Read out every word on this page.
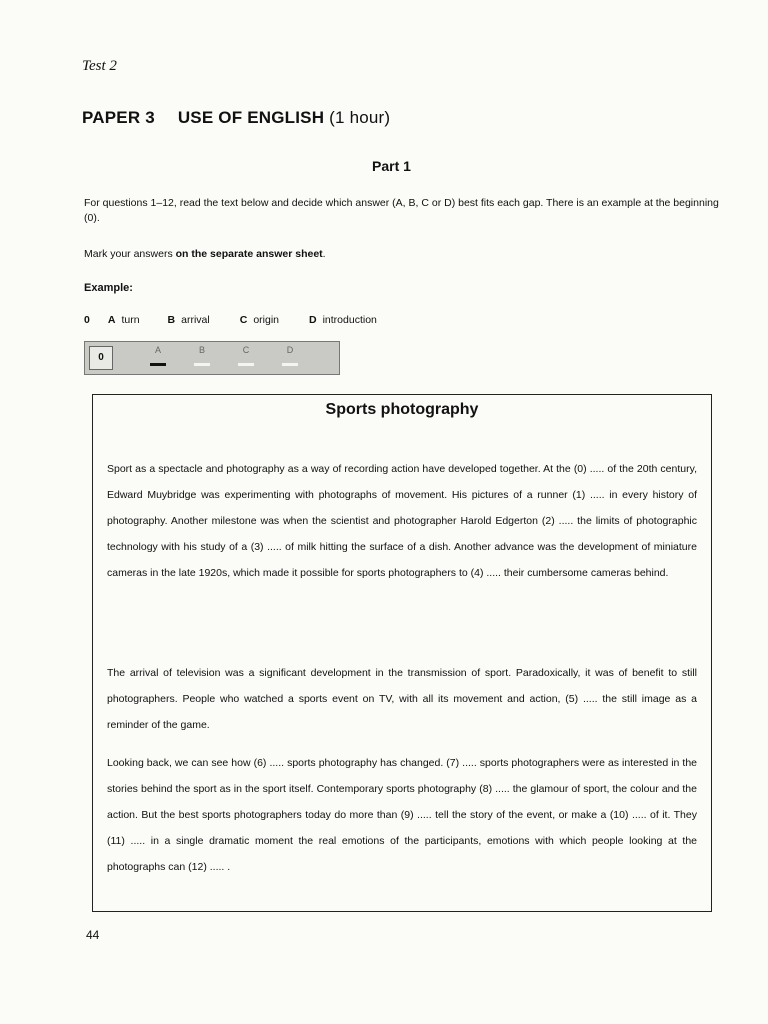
Test 2
PAPER 3 USE OF ENGLISH (1 hour)
Part 1
For questions 1–12, read the text below and decide which answer (A, B, C or D) best fits each gap. There is an example at the beginning (0).
Mark your answers on the separate answer sheet.
Example:
0	A turn	B arrival	C origin	D introduction
0
A	B	C	D
Sports photography

Sport as a spectacle and photography as a way of recording action have developed together. At the (0) ..... of the 20th century, Edward Muybridge was experimenting with photographs of movement. His pictures of a runner (1) ..... in every history of photography. Another milestone was when the scientist and photographer Harold Edgerton (2) ..... the limits of photographic technology with his study of a (3) ..... of milk hitting the surface of a dish. Another advance was the development of miniature cameras in the late 1920s, which made it possible for sports photographers to (4) ..... their cumbersome cameras behind.

The arrival of television was a significant development in the transmission of sport. Paradoxically, it was of benefit to still photographers. People who watched a sports event on TV, with all its movement and action, (5) ..... the still image as a reminder of the game.

Looking back, we can see how (6) ..... sports photography has changed. (7) ..... sports photographers were as interested in the stories behind the sport as in the sport itself. Contemporary sports photography (8) ..... the glamour of sport, the colour and the action. But the best sports photographers today do more than (9) ..... tell the story of the event, or make a (10) ..... of it. They (11) ..... in a single dramatic moment the real emotions of the participants, emotions with which people looking at the photographs can (12) ..... .

44
